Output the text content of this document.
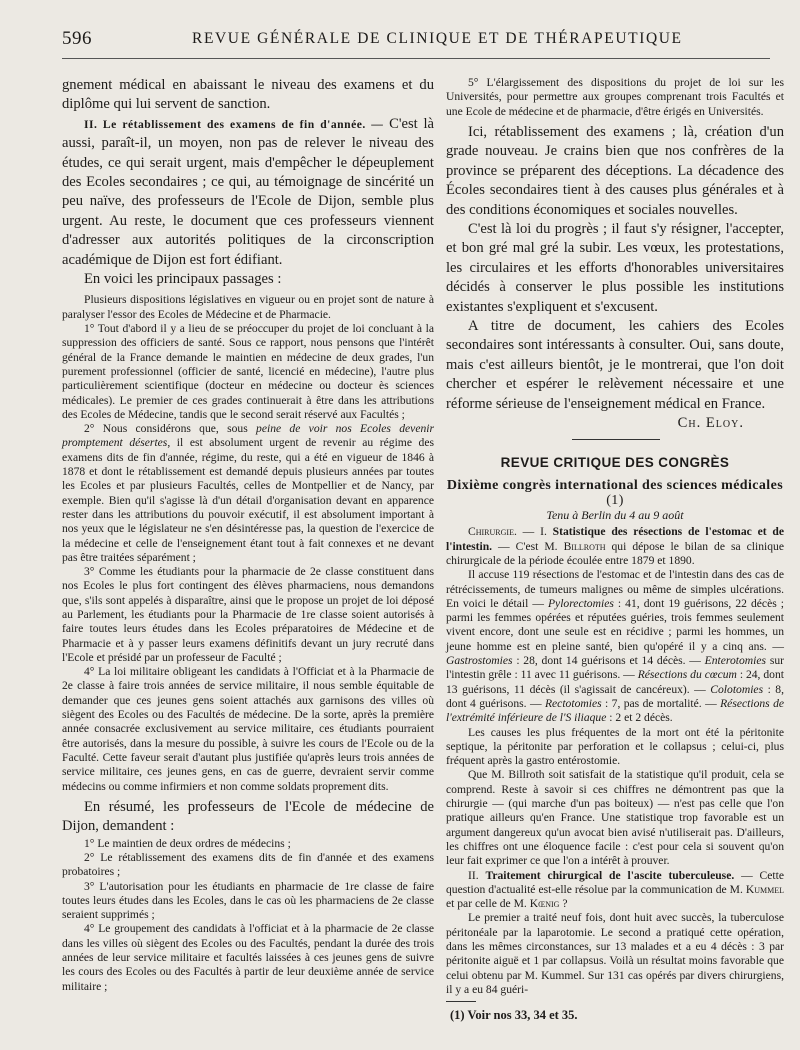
596	REVUE GÉNÉRALE DE CLINIQUE ET DE THÉRAPEUTIQUE

gnement médical en abaissant le niveau des examens et du diplôme qui lui servent de sanction.

II. Le rétablissement des examens de fin d'année. — C'est là aussi, paraît-il, un moyen, non pas de relever le niveau des études, ce qui serait urgent, mais d'empêcher le dépeuplement des Ecoles secondaires ; ce qui, au témoignage de sincérité un peu naïve, des professeurs de l'Ecole de Dijon, semble plus urgent. Au reste, le document que ces professeurs viennent d'adresser aux autorités politiques de la circonscription académique de Dijon est fort édifiant.

En voici les principaux passages :

Plusieurs dispositions législatives en vigueur ou en projet sont de nature à paralyser l'essor des Ecoles de Médecine et de Pharmacie.

1° Tout d'abord il y a lieu de se préoccuper du projet de loi concluant à la suppression des officiers de santé. Sous ce rapport, nous pensons que l'intérêt général de la France demande le maintien en médecine de deux grades, l'un purement professionnel (officier de santé, licencié en médecine), l'autre plus particulièrement scientifique (docteur en médecine ou docteur ès sciences médicales). Le premier de ces grades continuerait à être dans les attributions des Ecoles de Médecine, tandis que le second serait réservé aux Facultés ;

2° Nous considérons que, sous peine de voir nos Ecoles devenir promptement désertes, il est absolument urgent de revenir au régime des examens dits de fin d'année, régime, du reste, qui a été en vigueur de 1846 à 1878 et dont le rétablissement est demandé depuis plusieurs années par toutes les Ecoles et par plusieurs Facultés, celles de Montpellier et de Nancy, par exemple. Bien qu'il s'agisse là d'un détail d'organisation devant en apparence rester dans les attributions du pouvoir exécutif, il est absolument important à nos yeux que le législateur ne s'en désintéresse pas, la question de l'exercice de la médecine et celle de l'enseignement étant tout à fait connexes et ne devant pas être traitées séparément ;

3° Comme les étudiants pour la pharmacie de 2e classe constituent dans nos Ecoles le plus fort contingent des élèves pharmaciens, nous demandons que, s'ils sont appelés à disparaître, ainsi que le propose un projet de loi déposé au Parlement, les étudiants pour la Pharmacie de 1re classe soient autorisés à faire toutes leurs études dans les Ecoles préparatoires de Médecine et de Pharmacie et à y passer leurs examens définitifs devant un jury recruté dans l'Ecole et présidé par un professeur de Faculté ;

4° La loi militaire obligeant les candidats à l'Officiat et à la Pharmacie de 2e classe à faire trois années de service militaire, il nous semble équitable de demander que ces jeunes gens soient attachés aux garnisons des villes où siègent des Ecoles ou des Facultés de médecine. De la sorte, après la première année consacrée exclusivement au service militaire, ces étudiants pourraient être autorisés, dans la mesure du possible, à suivre les cours de l'Ecole ou de la Faculté. Cette faveur serait d'autant plus justifiée qu'après leurs trois années de service militaire, ces jeunes gens, en cas de guerre, devraient servir comme médecins ou comme infirmiers et non comme soldats proprement dits.

En résumé, les professeurs de l'Ecole de médecine de Dijon, demandent :

1° Le maintien de deux ordres de médecins ;

2° Le rétablissement des examens dits de fin d'année et des examens probatoires ;

3° L'autorisation pour les étudiants en pharmacie de 1re classe de faire toutes leurs études dans les Ecoles, dans le cas où les pharmaciens de 2e classe seraient supprimés ;

4° Le groupement des candidats à l'officiat et à la pharmacie de 2e classe dans les villes où siègent des Ecoles ou des Facultés, pendant la durée des trois années de leur service militaire et facultés laissées à ces jeunes gens de suivre les cours des Ecoles ou des Facultés à partir de leur deuxième année de service militaire ;

5° L'élargissement des dispositions du projet de loi sur les Universités, pour permettre aux groupes comprenant trois Facultés et une Ecole de médecine et de pharmacie, d'être érigés en Universités.

Ici, rétablissement des examens ; là, création d'un grade nouveau. Je crains bien que nos confrères de la province se préparent des déceptions. La décadence des Écoles secondaires tient à des causes plus générales et à des conditions économiques et sociales nouvelles.

C'est là loi du progrès ; il faut s'y résigner, l'accepter, et bon gré mal gré la subir. Les vœux, les protestations, les circulaires et les efforts d'honorables universitaires décidés à conserver le plus possible les institutions existantes s'expliquent et s'excusent.

A titre de document, les cahiers des Ecoles secondaires sont intéressants à consulter. Oui, sans doute, mais c'est ailleurs bientôt, je le montrerai, que l'on doit chercher et espérer le relèvement nécessaire et une réforme sérieuse de l'enseignement médical en France.

Ch. Eloy.

REVUE CRITIQUE DES CONGRÈS
Dixième congrès international des sciences médicales (1)
Tenu à Berlin du 4 au 9 août

Chirurgie. — I. Statistique des résections de l'estomac et de l'intestin. — C'est M. Billroth qui dépose le bilan de sa clinique chirurgicale de la période écoulée entre 1879 et 1890.

Il accuse 119 résections de l'estomac et de l'intestin dans des cas de rétrécissements, de tumeurs malignes ou même de simples ulcérations. En voici le détail — Pylorectomies : 41, dont 19 guérisons, 22 décès ; parmi les femmes opérées et réputées guéries, trois femmes seulement vivent encore, dont une seule est en récidive ; parmi les hommes, un jeune homme est en pleine santé, bien qu'opéré il y a cinq ans. — Gastrostomies : 28, dont 14 guérisons et 14 décès. — Enterotomies sur l'intestin grêle : 11 avec 11 guérisons. — Résections du cœcum : 24, dont 13 guérisons, 11 décès (il s'agissait de cancéreux). — Colotomies : 8, dont 4 guérisons. — Rectotomies : 7, pas de mortalité. — Résections de l'extrémité inférieure de l'S iliaque : 2 et 2 décès.

Les causes les plus fréquentes de la mort ont été la péritonite septique, la péritonite par perforation et le collapsus ; celui-ci, plus fréquent après la gastro entérostomie.

Que M. Billroth soit satisfait de la statistique qu'il produit, cela se comprend. Reste à savoir si ces chiffres ne démontrent pas que la chirurgie — (qui marche d'un pas boiteux) — n'est pas celle que l'on pratique ailleurs qu'en France. Une statistique trop favorable est un argument dangereux qu'un avocat bien avisé n'utiliserait pas. D'ailleurs, les chiffres ont une éloquence facile : c'est pour cela si souvent qu'on leur fait exprimer ce que l'on a intérêt à prouver.

II. Traitement chirurgical de l'ascite tuberculeuse. — Cette question d'actualité est-elle résolue par la communication de M. Kummel et par celle de M. Kœnig ?

Le premier a traité neuf fois, dont huit avec succès, la tuberculose péritonéale par la laparotomie. Le second a pratiqué cette opération, dans les mêmes circonstances, sur 13 malades et a eu 4 décès : 3 par péritonite aiguë et 1 par collapsus. Voilà un résultat moins favorable que celui obtenu par M. Kummel. Sur 131 cas opérés par divers chirurgiens, il y a eu 84 guéri-

(1) Voir nos 33, 34 et 35.
